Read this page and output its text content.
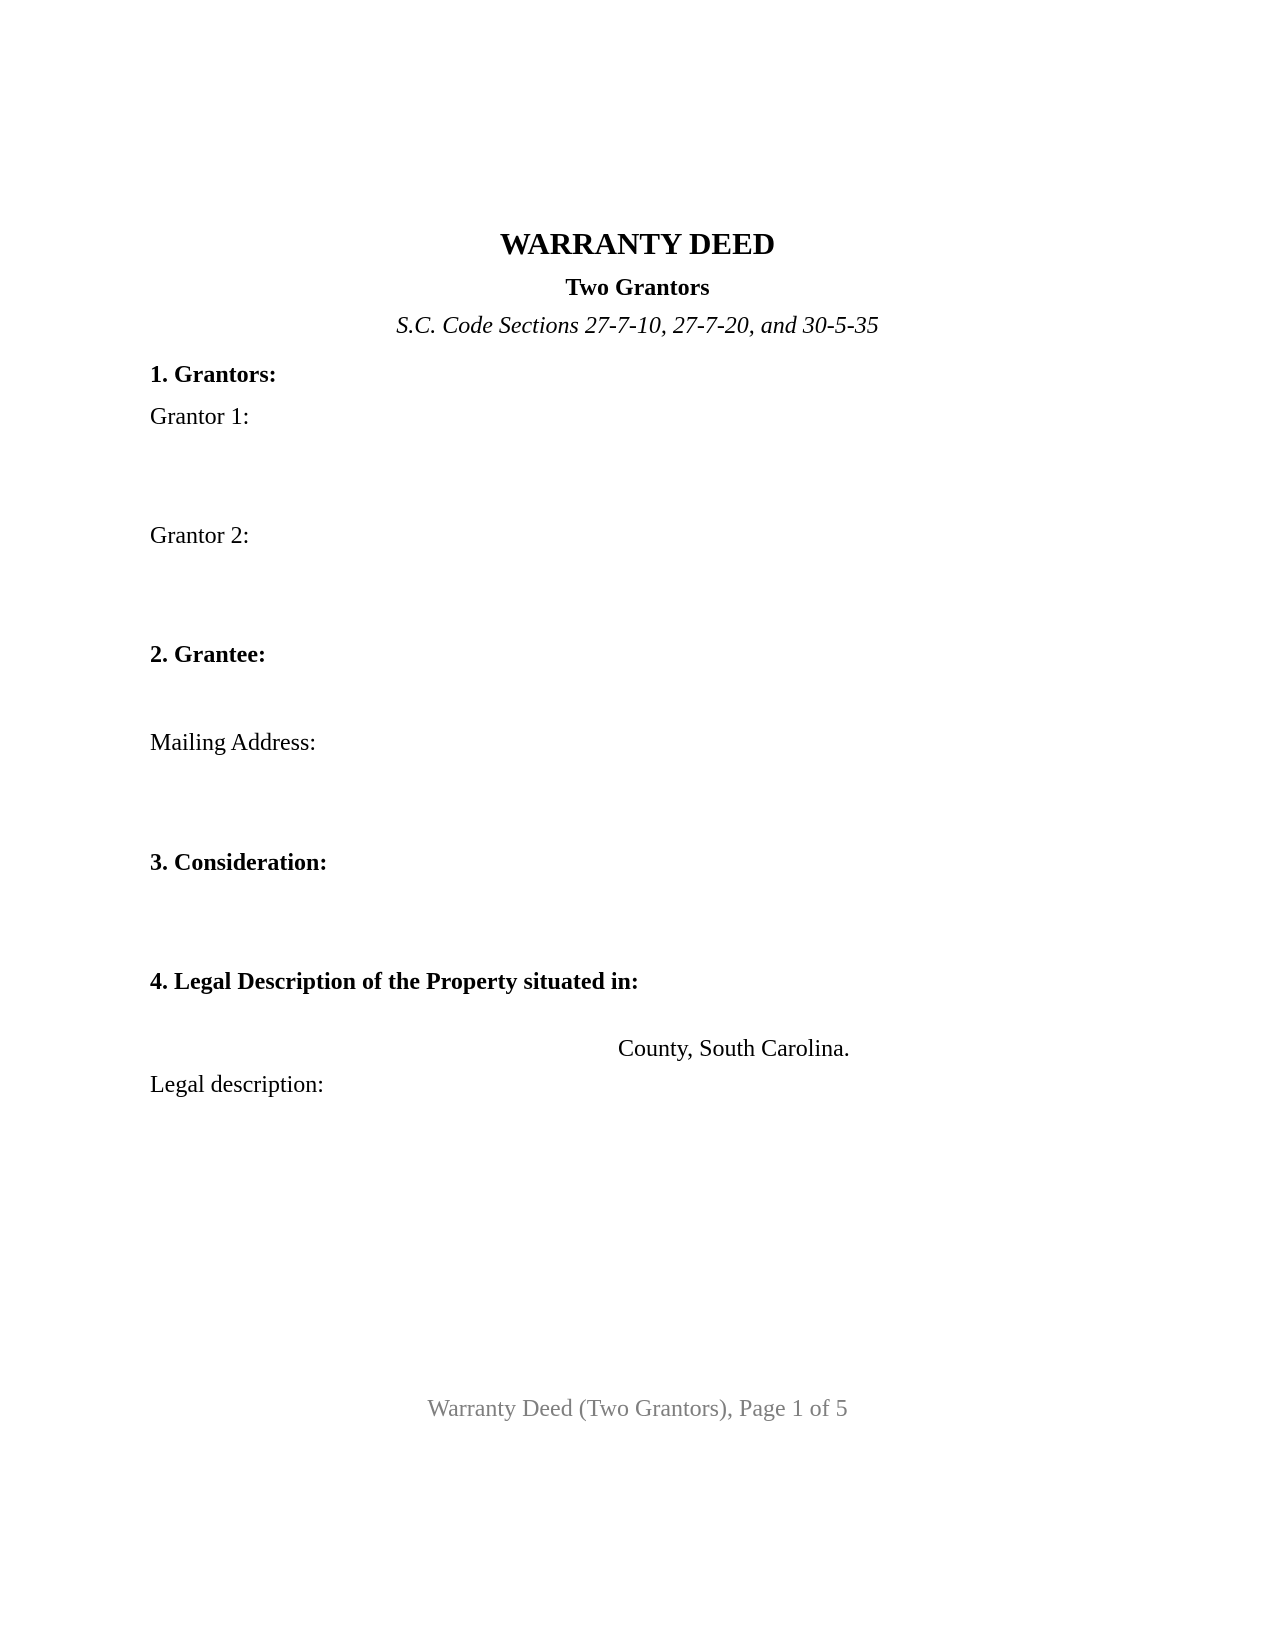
WARRANTY DEED
Two Grantors
S.C. Code Sections 27-7-10, 27-7-20, and 30-5-35
1. Grantors:
Grantor 1:
Grantor 2:
2. Grantee:
Mailing Address:
3. Consideration:
4. Legal Description of the Property situated in:
County, South Carolina.
Legal description:
Warranty Deed (Two Grantors), Page 1 of 5
